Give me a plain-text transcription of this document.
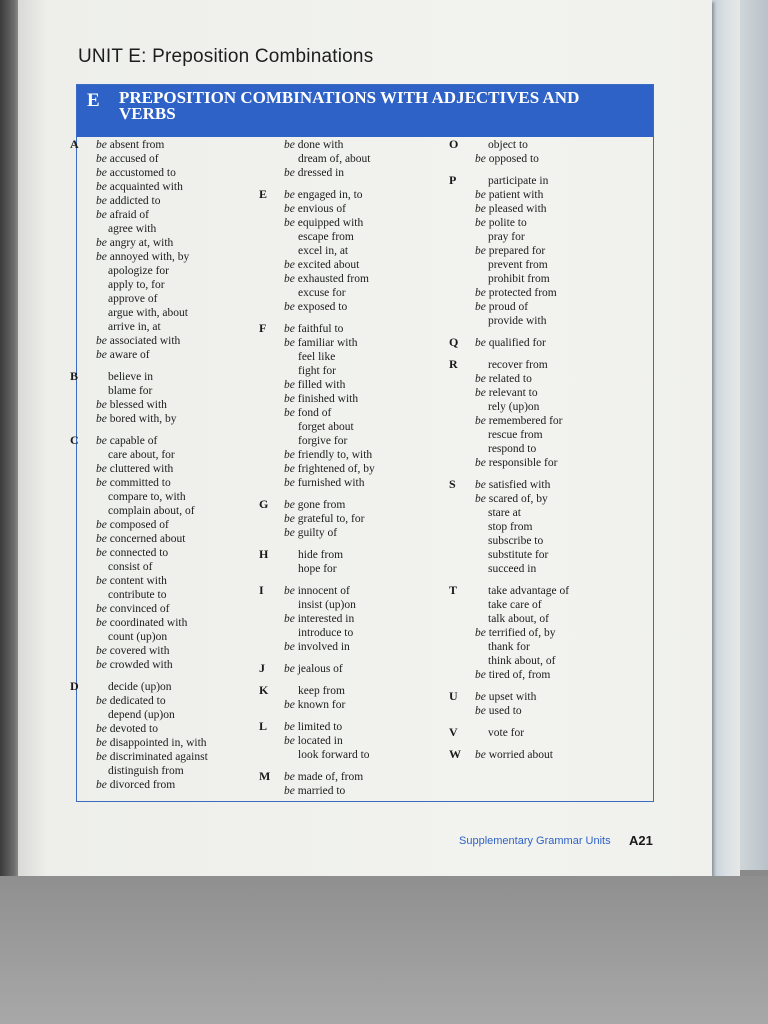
UNIT E: Preposition Combinations
E PREPOSITION COMBINATIONS WITH ADJECTIVES AND VERBS
Supplementary Grammar Units A21
A be absent from
be accused of
be accustomed to
be acquainted with
be addicted to
be afraid of
agree with
be angry at, with
be annoyed with, by
apologize for
apply to, for
approve of
argue with, about
arrive in, at
be associated with
be aware of
B	believe in
blame for
be blessed with
be bored with, by
C be capable of
care about, for
be cluttered with
be committed to
compare to, with
complain about, of
be composed of
be concerned about
be connected to
consist of
be content with
contribute to
be convinced of
be coordinated with
count (up)on
be covered with
be crowded with
D	decide (up)on
be dedicated to
depend (up)on
be devoted to
be disappointed in, with
be discriminated against
distinguish from
be divorced from
be done with
dream of, about
be dressed in
E be engaged in, to
be envious of
be equipped with
escape from
excel in, at
be excited about
be exhausted from
excuse for
be exposed to
F be faithful to
be familiar with
feel like
fight for
be filled with
be finished with
be fond of
forget about
forgive for
be friendly to, with
be frightened of, by
be furnished with
G be gone from
be grateful to, for
be guilty of
H	hide from
hope for
I be innocent of
insist (up)on
be interested in
introduce to
be involved in
J be jealous of
K	keep from
be known for
L be limited to
be located in
look forward to
M be made of, from
be married to
O	object to
be opposed to
P	participate in
be patient with
be pleased with
be polite to
pray for
be prepared for
prevent from
prohibit from
be protected from
be proud of
provide with
Q be qualified for
R	recover from
be related to
be relevant to
rely (up)on
be remembered for
rescue from
respond to
be responsible for
S be satisfied with
be scared of, by
stare at
stop from
subscribe to
substitute for
succeed in
T	take advantage of
take care of
talk about, of
be terrified of, by
thank for
think about, of
be tired of, from
U be upset with
be used to
V	vote for
W be worried about
